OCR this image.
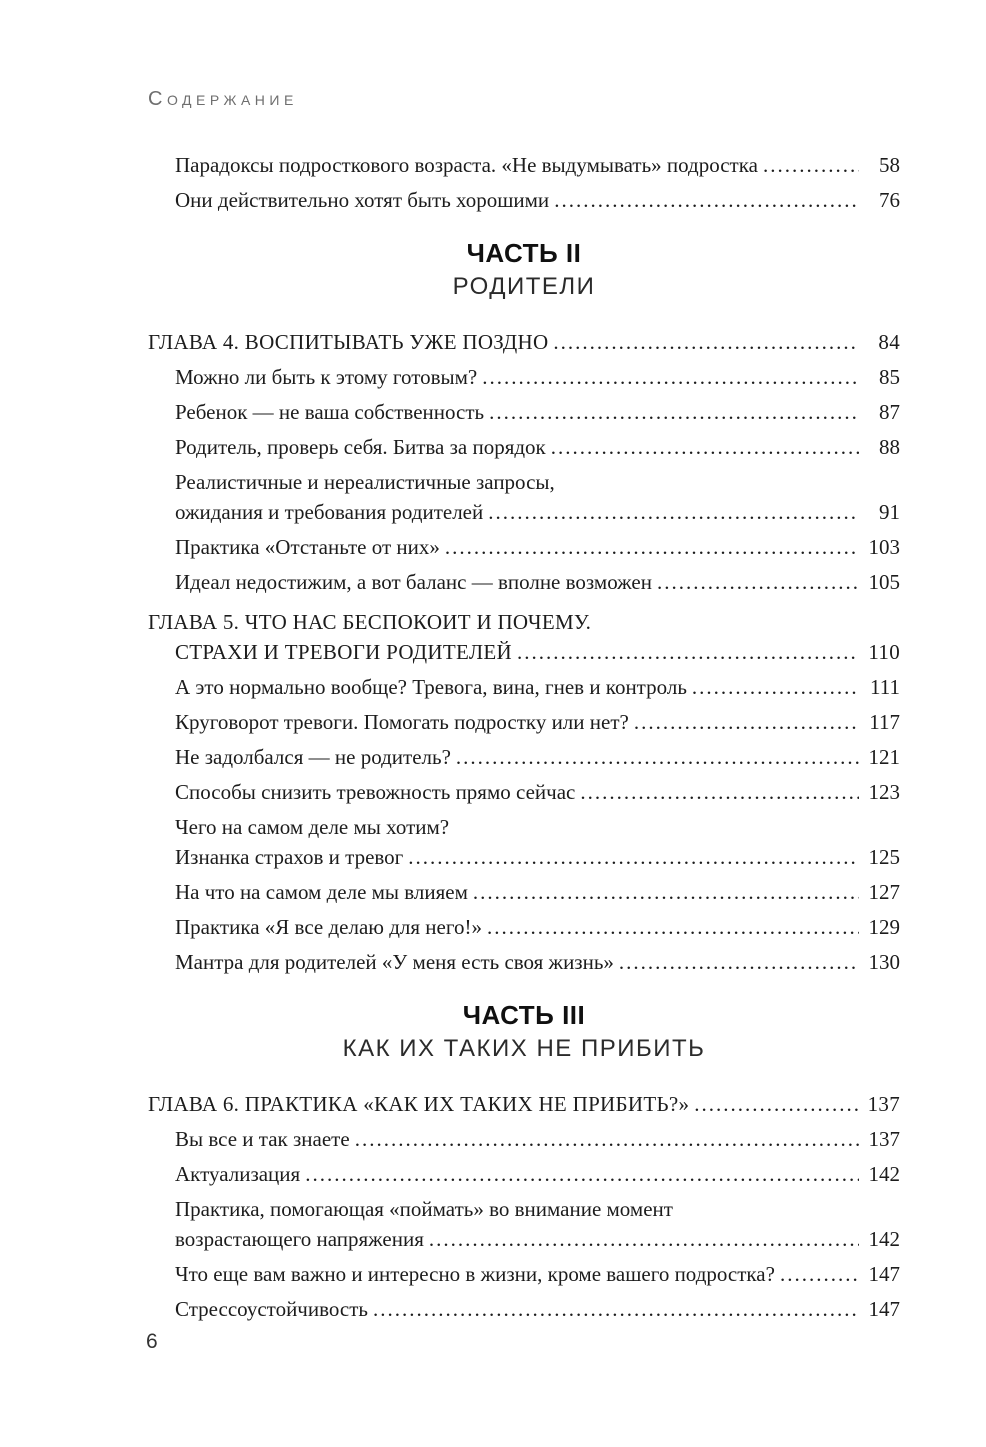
Содержание
Парадоксы подросткового возраста. «Не выдумывать» подростка .....	58
Они действительно хотят быть хорошими .....	76
ЧАСТЬ II
РОДИТЕЛИ
ГЛАВА 4. ВОСПИТЫВАТЬ УЖЕ ПОЗДНО .....	84
Можно ли быть к этому готовым? .....	85
Ребенок — не ваша собственность .....	87
Родитель, проверь себя. Битва за порядок .....	88
Реалистичные и нереалистичные запросы,
ожидания и требования родителей .....	91
Практика «Отстаньте от них» .....	103
Идеал недостижим, а вот баланс — вполне возможен .....	105
ГЛАВА 5. ЧТО НАС БЕСПОКОИТ И ПОЧЕМУ.
СТРАХИ И ТРЕВОГИ РОДИТЕЛЕЙ .....	110
А это нормально вообще? Тревога, вина, гнев и контроль .....	111
Круговорот тревоги. Помогать подростку или нет? .....	117
Не задолбался — не родитель? .....	121
Способы снизить тревожность прямо сейчас .....	123
Чего на самом деле мы хотим?
Изнанка страхов и тревог .....	125
На что на самом деле мы влияем .....	127
Практика «Я все делаю для него!» .....	129
Мантра для родителей «У меня есть своя жизнь» .....	130
ЧАСТЬ III
КАК ИХ ТАКИХ НЕ ПРИБИТЬ
ГЛАВА 6. ПРАКТИКА «КАК ИХ ТАКИХ НЕ ПРИБИТЬ?» .....	137
Вы все и так знаете .....	137
Актуализация .....	142
Практика, помогающая «поймать» во внимание момент
возрастающего напряжения .....	142
Что еще вам важно и интересно в жизни, кроме вашего подростка? .....	147
Стрессоустойчивость .....	147
6
